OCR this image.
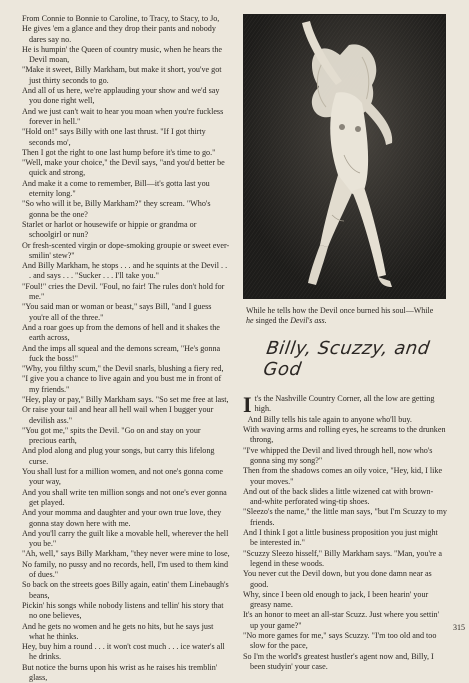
From Connie to Bonnie to Caroline, to Tracy, to Stacy, to Jo,

He gives 'em a glance and they drop their pants and nobody dares say no.

He is humpin' the Queen of country music, when he hears the Devil moan,

"Make it sweet, Billy Markham, but make it short, you've got just thirty seconds to go.

And all of us here, we're applauding your show and we'd say you done right well,

And we just can't wait to hear you moan when you're fuckless forever in hell."

"Hold on!" says Billy with one last thrust. "If I got thirty seconds mo',

Then I got the right to one last hump before it's time to go."

"Well, make your choice," the Devil says, "and you'd better be quick and strong,

And make it a come to remember, Bill—it's gotta last you eternity long."

"So who will it be, Billy Markham?" they scream. "Who's gonna be the one?

Starlet or harlot or housewife or hippie or grandma or schoolgirl or nun?

Or fresh-scented virgin or dope-smoking groupie or sweet ever-smilin' stew?"

And Billy Markham, he stops . . . and he squints at the Devil . . . and says . . . "Sucker . . . I'll take you."

"Foul!" cries the Devil. "Foul, no fair! The rules don't hold for me."

"You said man or woman or beast," says Bill, "and I guess you're all of the three."

And a roar goes up from the demons of hell and it shakes the earth across,

And the imps all squeal and the demons scream, "He's gonna fuck the boss!"

"Why, you filthy scum," the Devil snarls, blushing a fiery red,

"I give you a chance to live again and you bust me in front of my friends."

"Hey, play or pay," Billy Markham says. "So set me free at last,

Or raise your tail and hear all hell wail when I bugger your devilish ass."

"You got me," spits the Devil. "Go on and stay on your precious earth,

And plod along and plug your songs, but carry this lifelong curse.

You shall lust for a million women, and not one's gonna come your way,

And you shall write ten million songs and not one's ever gonna get played.

And your momma and daughter and your own true love, they gonna stay down here with me.

And you'll carry the guilt like a movable hell, wherever the hell you be."

"Ah, well," says Billy Markham, "they never were mine to lose,

No family, no pussy and no records, hell, I'm used to them kind of dues."

So back on the streets goes Billy again, eatin' them Linebaugh's beans,

Pickin' his songs while nobody listens and tellin' his story that no one believes,

And he gets no women and he gets no hits, but he says just what he thinks.

Hey, buy him a round . . . it won't cost much . . . ice water's all he drinks.

But notice the burns upon his wrist as he raises his tremblin' glass,

While he tells how the Devil once burned his soul—While he singed the Devil's ass.
Billy, Scuzzy, and God

It's the Nashville Country Corner, all the low are getting high.

And Billy tells his tale again to anyone who'll buy.

With waving arms and rolling eyes, he screams to the drunken throng,

"I've whipped the Devil and lived through hell, now who's gonna sing my song?"

Then from the shadows comes an oily voice, "Hey, kid, I like your moves."

And out of the back slides a little wizened cat with brown-and-white perforated wing-tip shoes.

"Sleezo's the name," the little man says, "but I'm Scuzzy to my friends.

And I think I got a little business proposition you just might be interested in."

"Scuzzy Sleezo hisself," Billy Markham says. "Man, you're a legend in these woods.

You never cut the Devil down, but you done damn near as good.

Why, since I been old enough to jack, I been hearin' your greasy name.

It's an honor to meet an all-star Scuzz. Just where you settin' up your game?"

"No more games for me," says Scuzzy. "I'm too old and too slow for the pace,

So I'm the world's greatest hustler's agent now and, Billy, I been studyin' your case.

315
